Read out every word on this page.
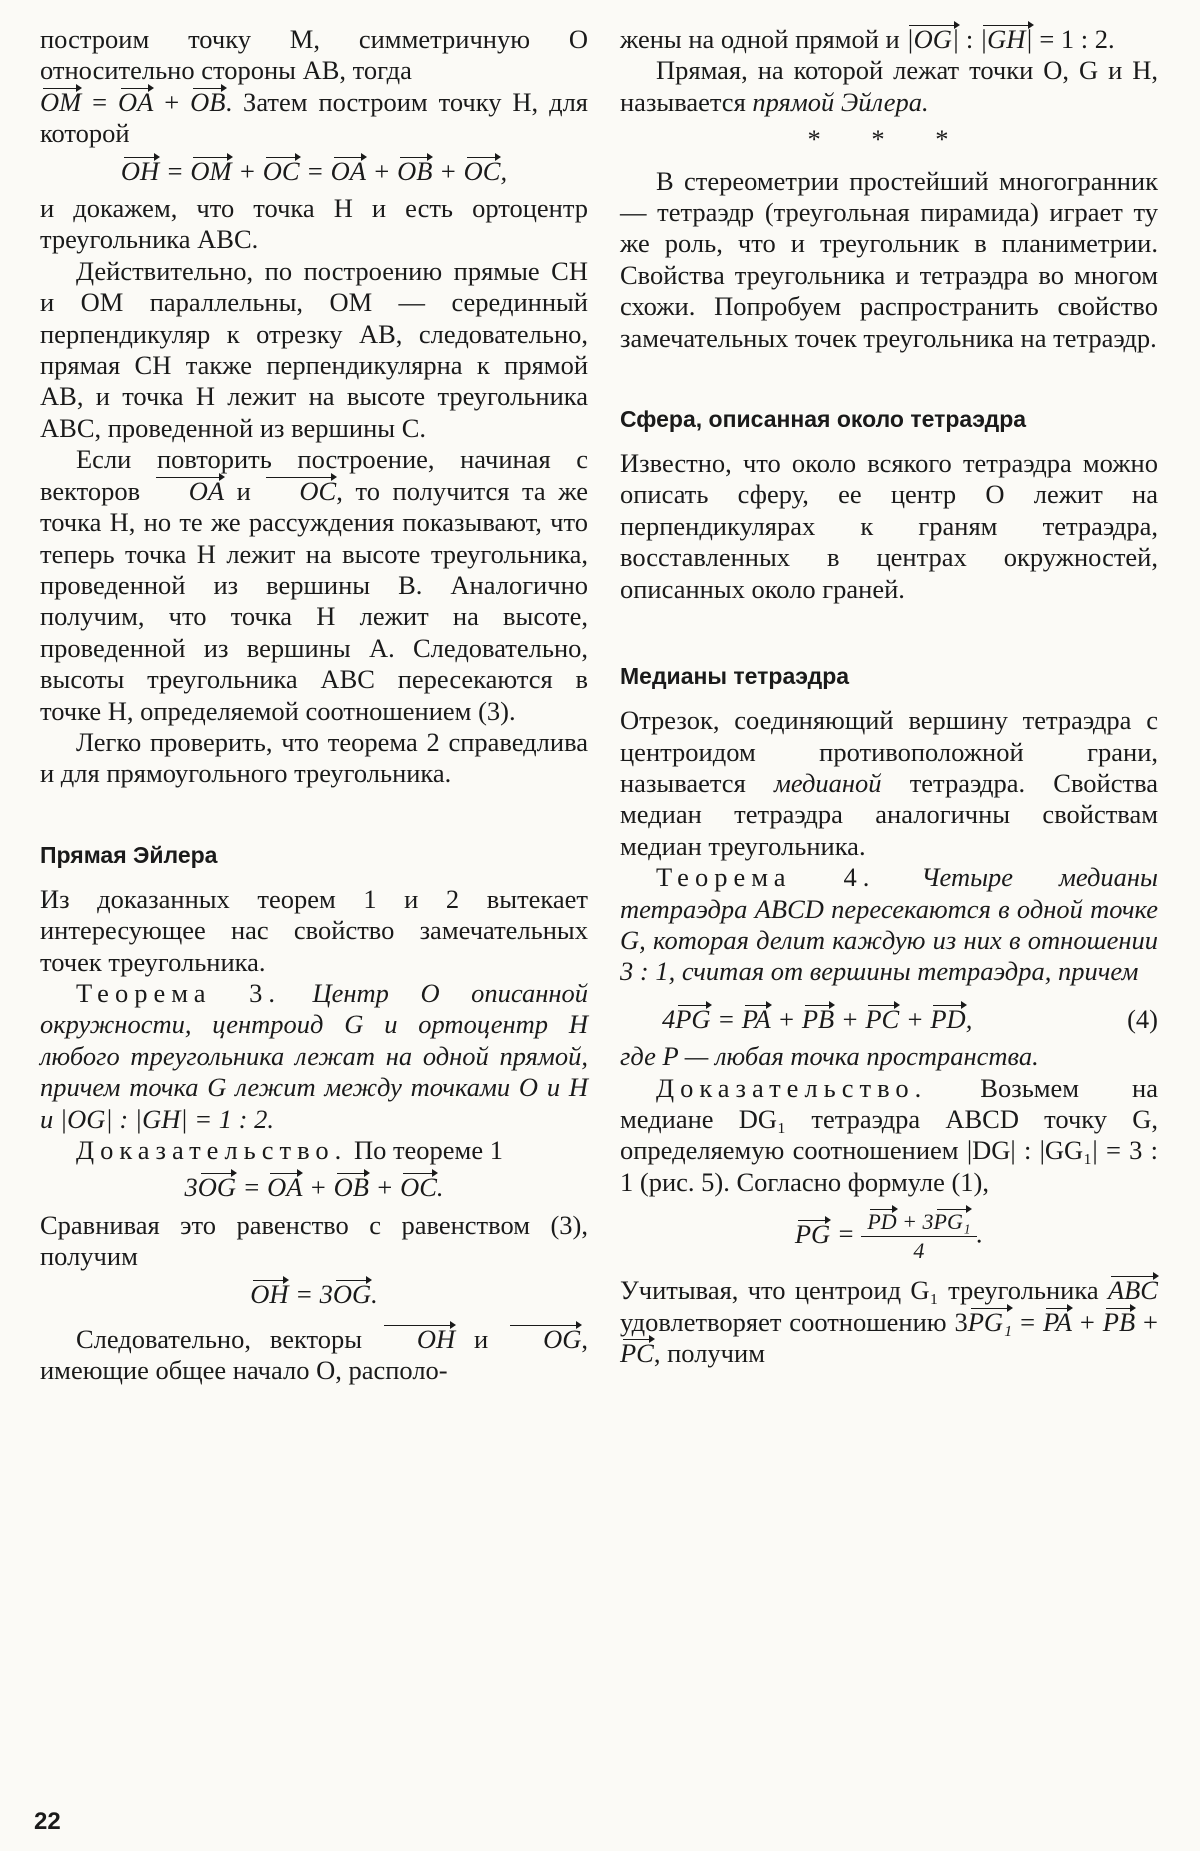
построим точку M, симметричную O относительно стороны AB, тогда

OM = OA + OB. Затем построим точку H, для которой

OH = OM + OC = OA + OB + OC,

и докажем, что точка H и есть ортоцентр треугольника ABC.

Действительно, по построению прямые CH и OM параллельны, OM — серединный перпендикуляр к отрезку AB, следовательно, прямая CH также перпендикулярна к прямой AB, и точка H лежит на высоте треугольника ABC, проведенной из вершины C.

Если повторить построение, начиная с векторов OA и OC, то получится та же точка H, но те же рассуждения показывают, что теперь точка H лежит на высоте треугольника, проведенной из вершины B. Аналогично получим, что точка H лежит на высоте, проведенной из вершины A. Следовательно, высоты треугольника ABC пересекаются в точке H, определяемой соотношением (3).

Легко проверить, что теорема 2 справедлива и для прямоугольного треугольника.

Прямая Эйлера

Из доказанных теорем 1 и 2 вытекает интересующее нас свойство замечательных точек треугольника.

Теорема 3. Центр O описанной окружности, центроид G и ортоцентр H любого треугольника лежат на одной прямой, причем точка G лежит между точками O и H и |OG| : |GH| = 1 : 2.

Доказательство. По теореме 1

3OG = OA + OB + OC.

Сравнивая это равенство с равенством (3), получим

OH = 3OG.

Следовательно, векторы OH и OG, имеющие общее начало O, располо-

жены на одной прямой и |OG| : |GH| = 1 : 2.

Прямая, на которой лежат точки O, G и H, называется прямой Эйлера.

* * *

В стереометрии простейший многогранник — тетраэдр (треугольная пирамида) играет ту же роль, что и треугольник в планиметрии. Свойства треугольника и тетраэдра во многом схожи. Попробуем распространить свойство замечательных точек треугольника на тетраэдр.

Сфера, описанная около тетраэдра

Известно, что около всякого тетраэдра можно описать сферу, ее центр O лежит на перпендикулярах к граням тетраэдра, восставленных в центрах окружностей, описанных около граней.

Медианы тетраэдра

Отрезок, соединяющий вершину тетраэдра с центроидом противоположной грани, называется медианой тетраэдра. Свойства медиан тетраэдра аналогичны свойствам медиан треугольника.

Теорема 4. Четыре медианы тетраэдра ABCD пересекаются в одной точке G, которая делит каждую из них в отношении 3 : 1, считая от вершины тетраэдра, причем

4PG = PA + PB + PC + PD,	(4)

где P — любая точка пространства.

Доказательство. Возьмем на медиане DG₁ тетраэдра ABCD точку G, определяемую соотношением |DG| : |GG₁| = 3 : 1 (рис. 5). Согласно формуле (1),

PG = $\frac{\text{PD + 3PG₁}}{4}$ .

Учитывая, что центроид G₁ треугольника ABC удовлетворяет соотношению 3PG₁ = PA + PB + PC, получим

22
